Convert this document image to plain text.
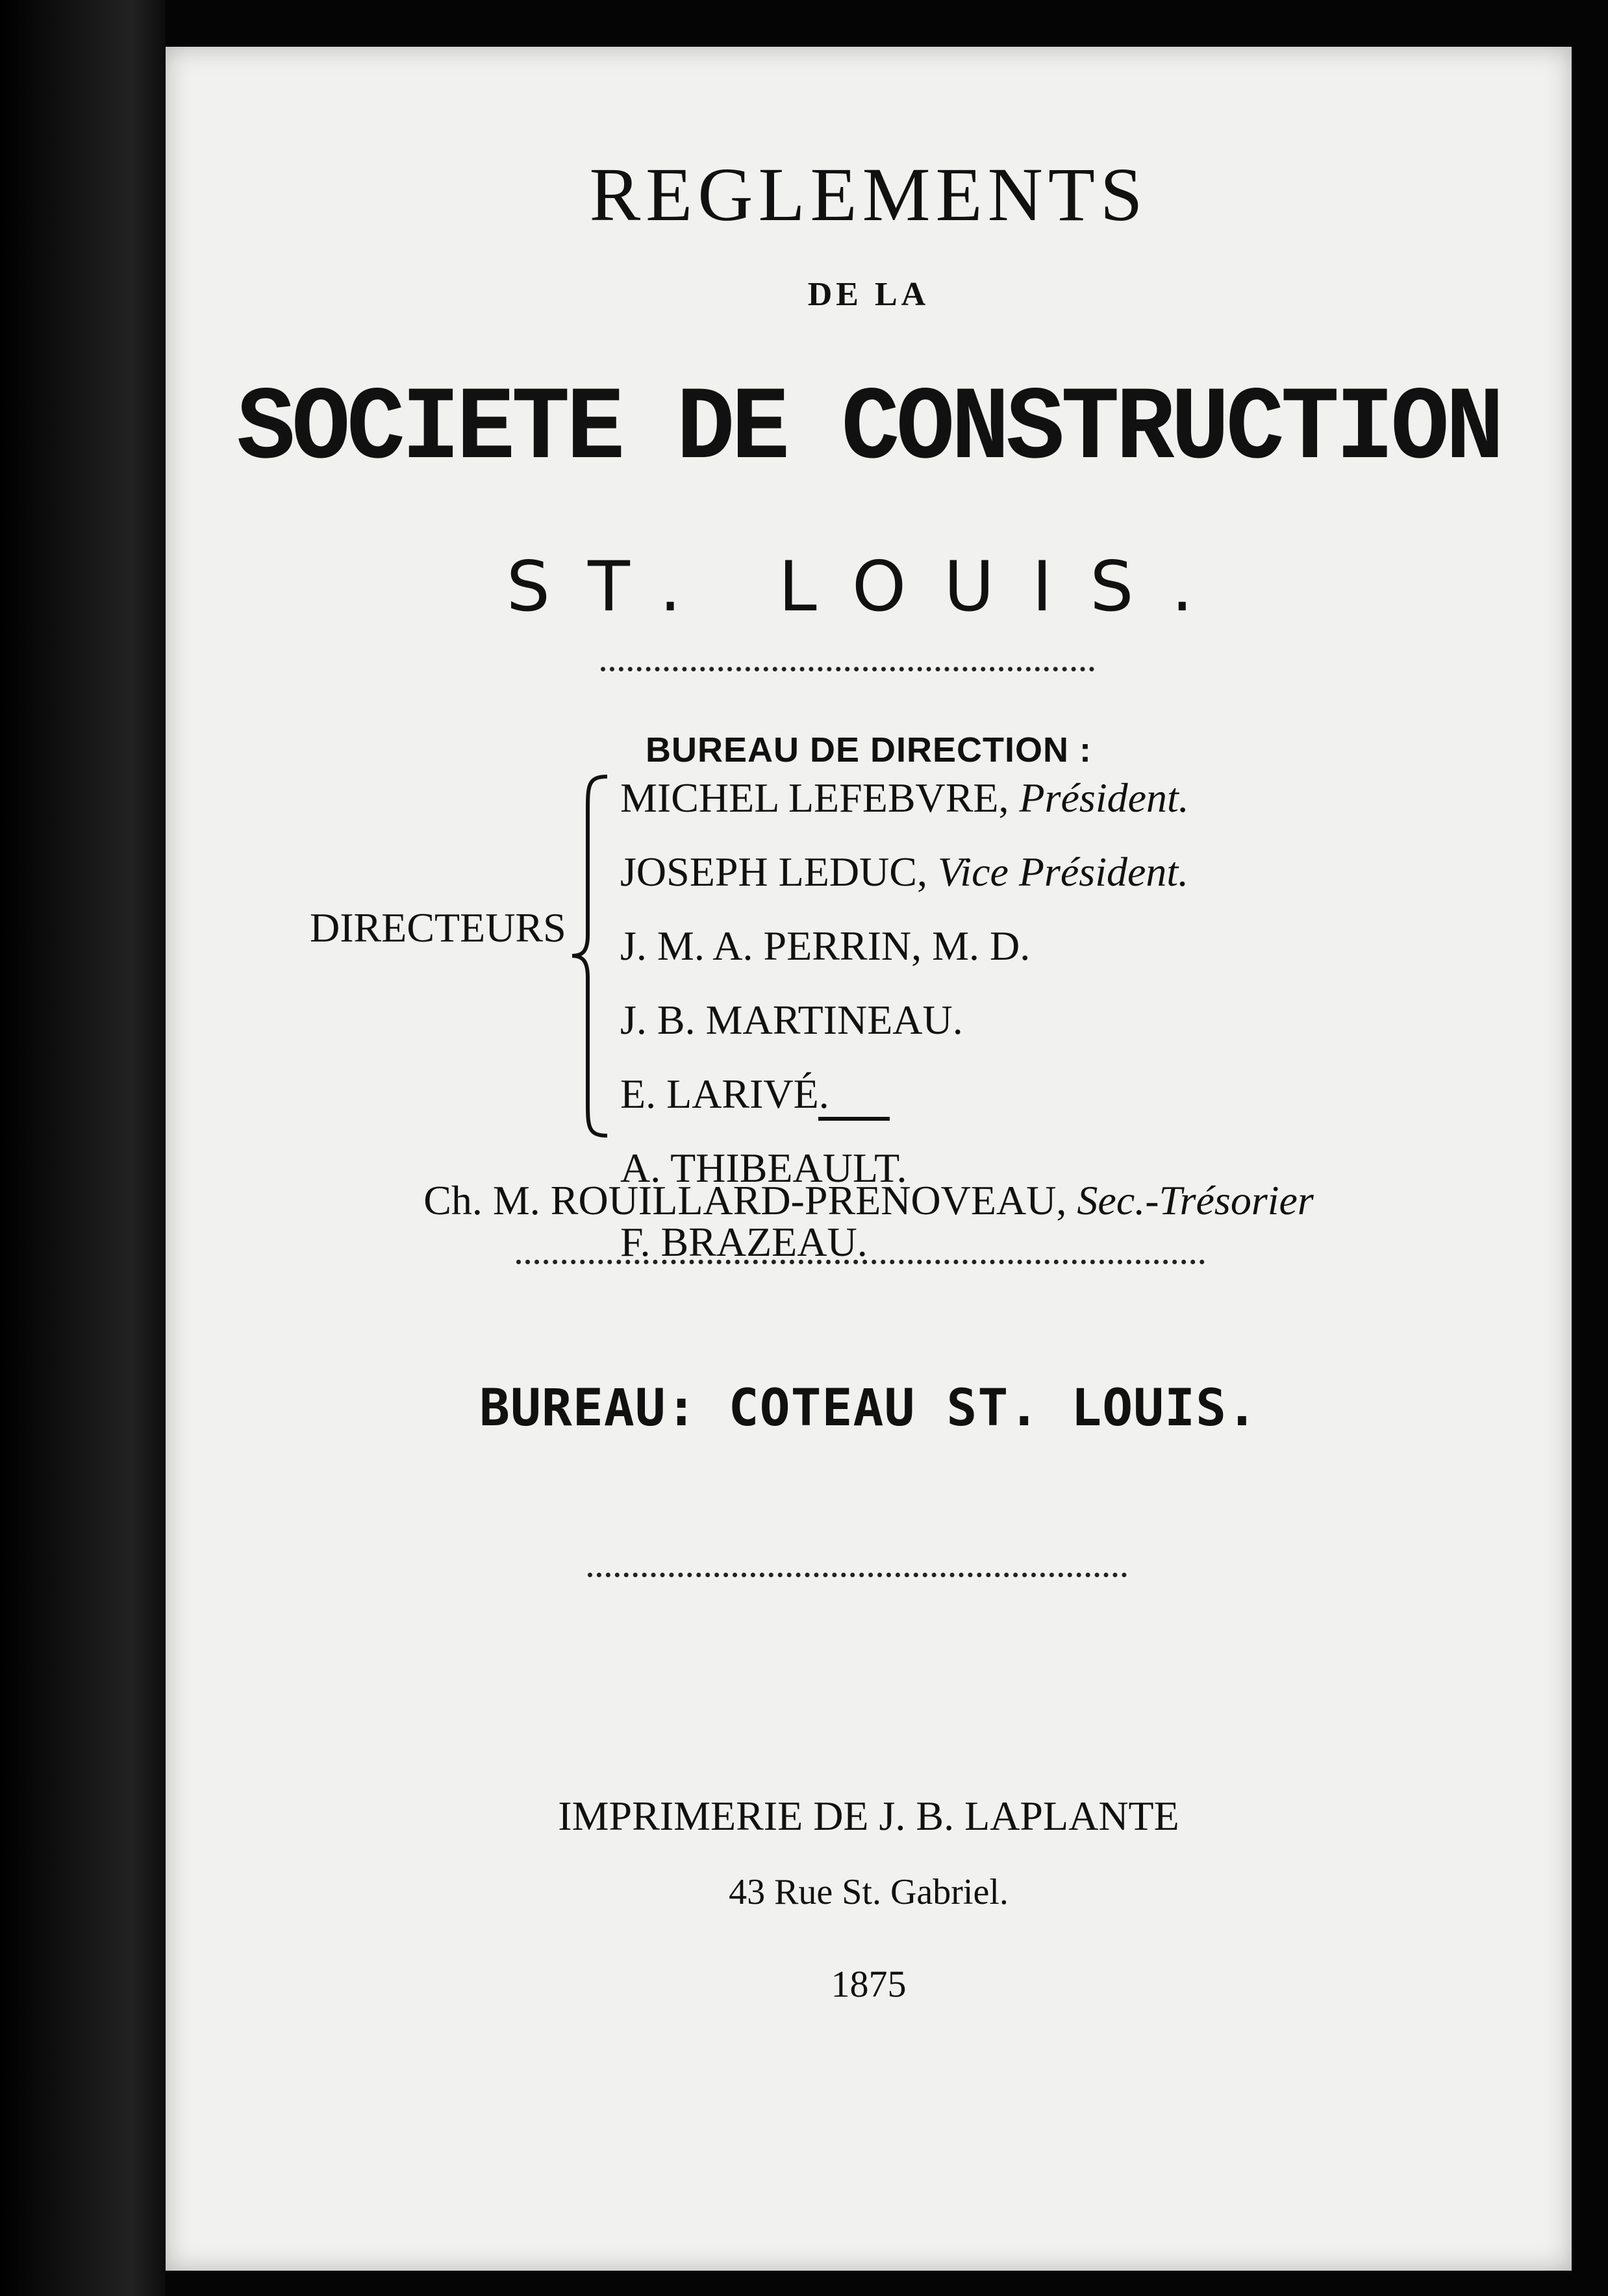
REGLEMENTS
DE LA
SOCIETE DE CONSTRUCTION
ST. LOUIS.
BUREAU DE DIRECTION :
DIRECTEURS
MICHEL LEFEBVRE, Président.
JOSEPH LEDUC, Vice Président.
J. M. A. PERRIN, M. D.
J. B. MARTINEAU.
E. LARIVÉ.
A. THIBEAULT.
F. BRAZEAU.
Ch. M. ROUILLARD-PRENOVEAU, Sec.-Trésorier
BUREAU: COTEAU ST. LOUIS.
IMPRIMERIE DE J. B. LAPLANTE
43 Rue St. Gabriel.
1875
